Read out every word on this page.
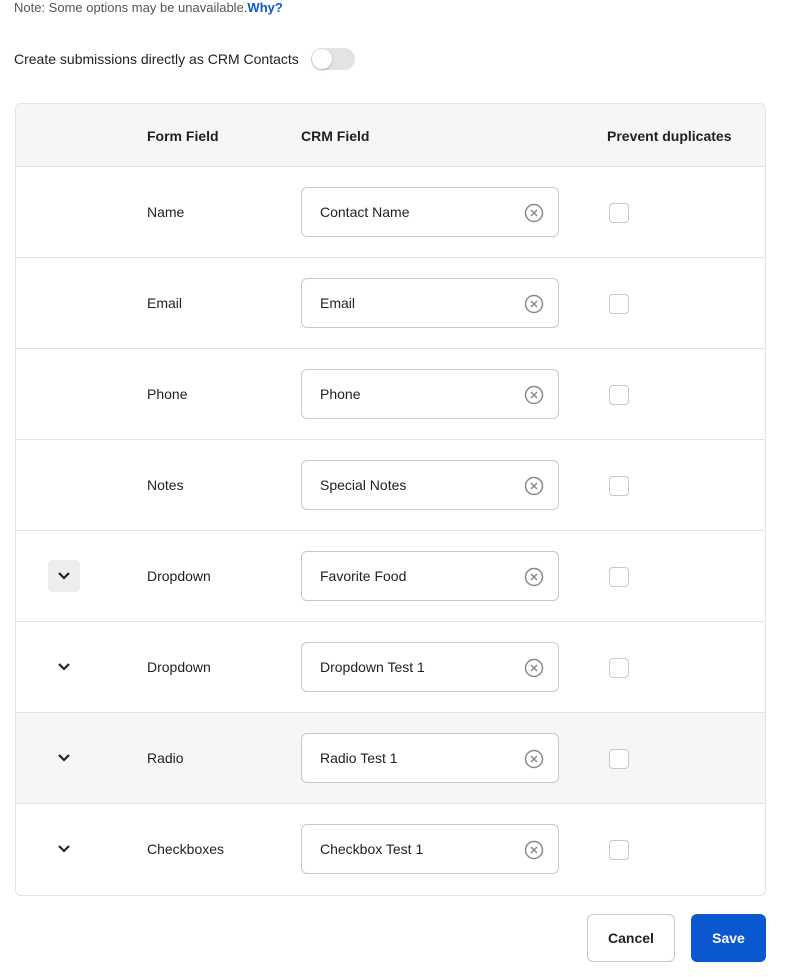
Note: Some options may be unavailable.Why?
Create submissions directly as CRM Contacts
Form Field	CRM Field	Prevent duplicates
Name	Contact Name
Email	Email
Phone	Phone
Notes	Special Notes
Dropdown	Favorite Food
Dropdown	Dropdown Test 1
Radio	Radio Test 1
Checkboxes	Checkbox Test 1
Cancel	Save
